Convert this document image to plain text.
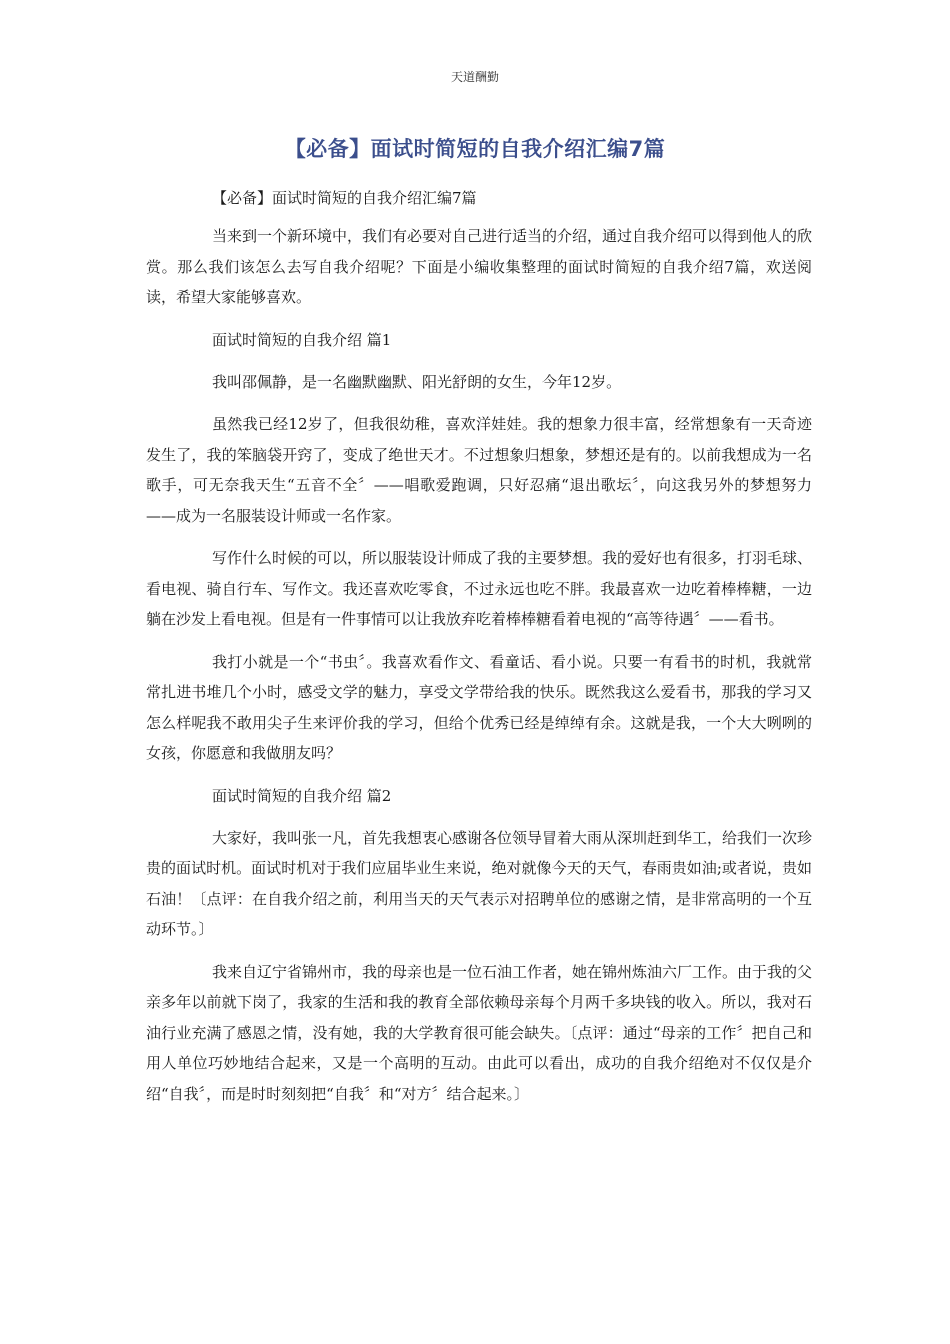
天道酬勤
【必备】面试时简短的自我介绍汇编7篇

【必备】面试时简短的自我介绍汇编7篇

当来到一个新环境中，我们有必要对自己进行适当的介绍，通过自我介绍可以得到他人的欣赏。那么我们该怎么去写自我介绍呢？下面是小编收集整理的面试时简短的自我介绍7篇，欢送阅读，希望大家能够喜欢。

面试时简短的自我介绍 篇1

我叫邵佩静，是一名幽默幽默、阳光舒朗的女生，今年12岁。

虽然我已经12岁了，但我很幼稚，喜欢洋娃娃。我的想象力很丰富，经常想象有一天奇迹发生了，我的笨脑袋开窍了，变成了绝世天才。不过想象归想象，梦想还是有的。以前我想成为一名歌手，可无奈我天生“五音不全〞——唱歌爱跑调，只好忍痛“退出歌坛〞，向这我另外的梦想努力——成为一名服装设计师或一名作家。

写作什么时候的可以，所以服装设计师成了我的主要梦想。我的爱好也有很多，打羽毛球、看电视、骑自行车、写作文。我还喜欢吃零食，不过永远也吃不胖。我最喜欢一边吃着棒棒糖，一边躺在沙发上看电视。但是有一件事情可以让我放弃吃着棒棒糖看着电视的“高等待遇〞——看书。

我打小就是一个“书虫〞。我喜欢看作文、看童话、看小说。只要一有看书的时机，我就常常扎进书堆几个小时，感受文学的魅力，享受文学带给我的快乐。既然我这么爱看书，那我的学习又怎么样呢我不敢用尖子生来评价我的学习，但给个优秀已经是绰绰有余。这就是我，一个大大咧咧的女孩，你愿意和我做朋友吗？

面试时简短的自我介绍 篇2

大家好，我叫张一凡，首先我想衷心感谢各位领导冒着大雨从深圳赶到华工，给我们一次珍贵的面试时机。面试时机对于我们应届毕业生来说，绝对就像今天的天气，春雨贵如油;或者说，贵如石油！〔点评：在自我介绍之前，利用当天的天气表示对招聘单位的感谢之情，是非常高明的一个互动环节。〕

我来自辽宁省锦州市，我的母亲也是一位石油工作者，她在锦州炼油六厂工作。由于我的父亲多年以前就下岗了，我家的生活和我的教育全部依赖母亲每个月两千多块钱的收入。所以，我对石油行业充满了感恩之情，没有她，我的大学教育很可能会缺失。〔点评：通过“母亲的工作〞把自己和用人单位巧妙地结合起来，又是一个高明的互动。由此可以看出，成功的自我介绍绝对不仅仅是介绍“自我〞，而是时时刻刻把“自我〞和“对方〞结合起来。〕
